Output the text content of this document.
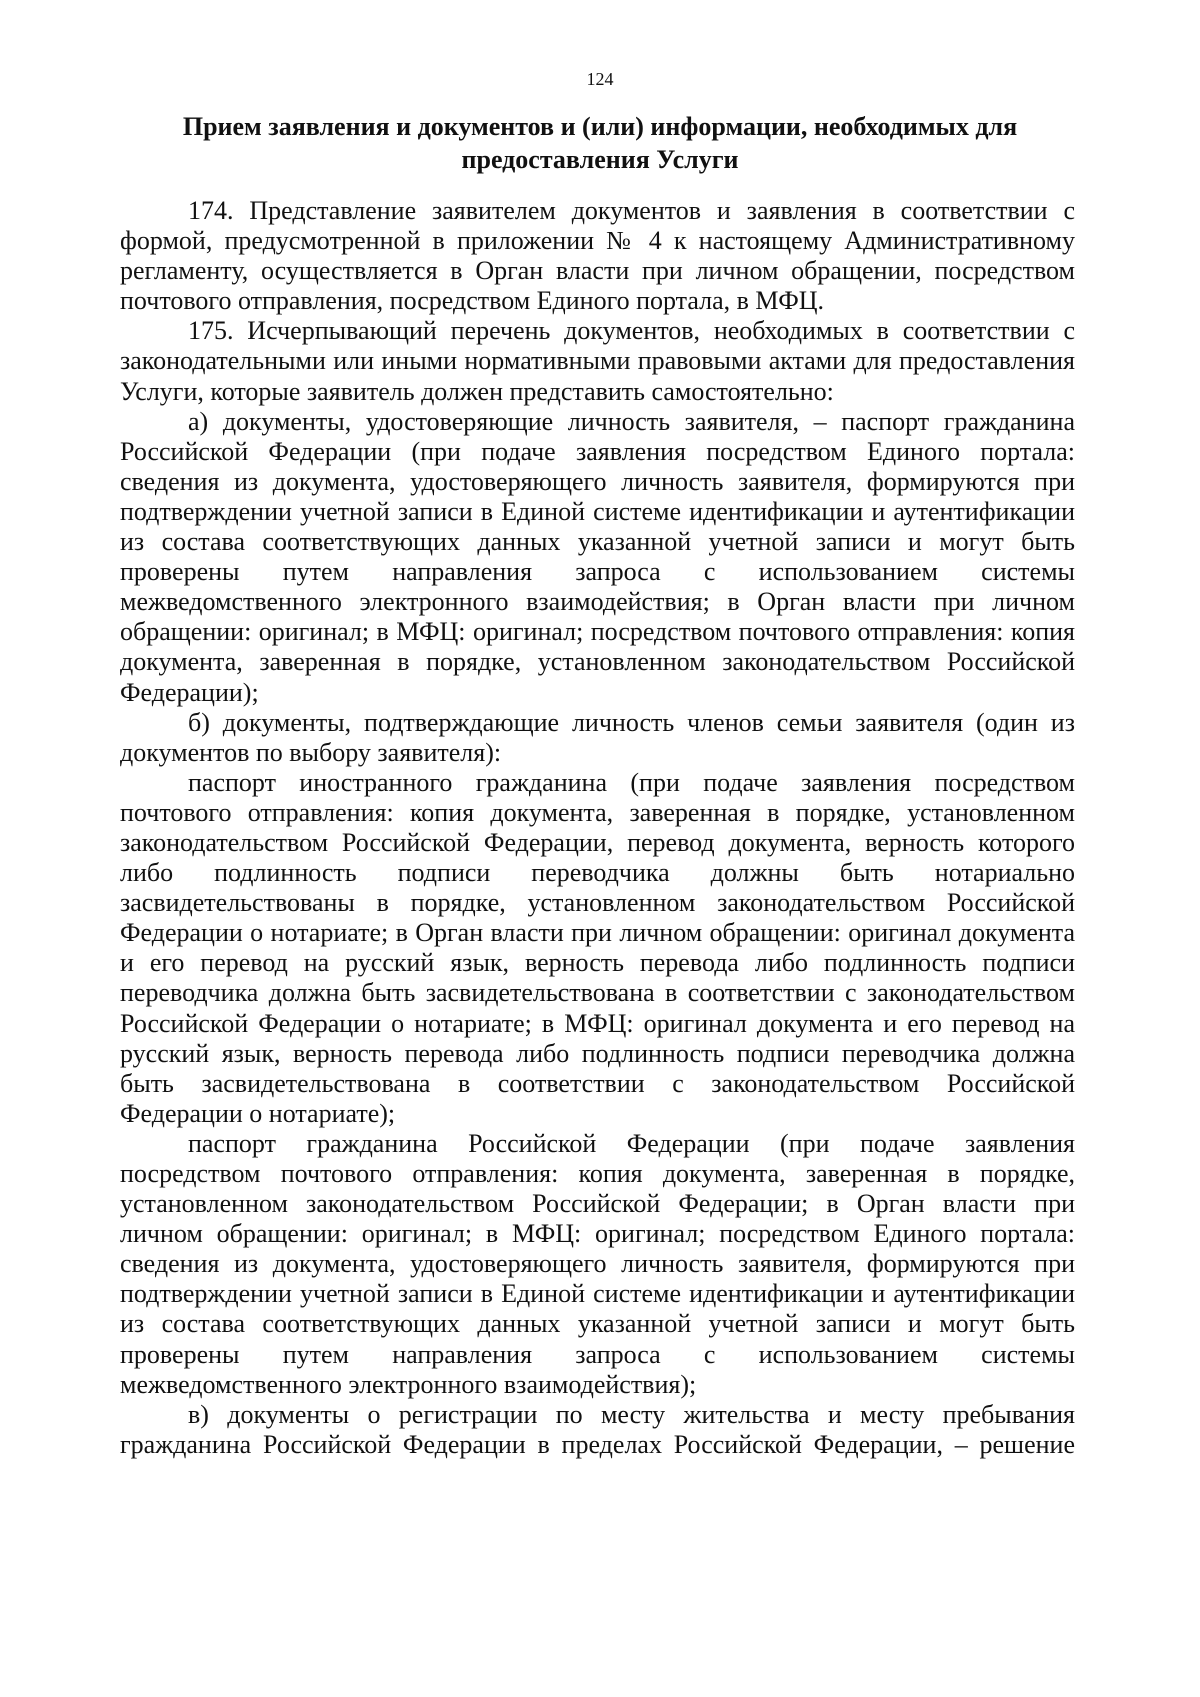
124
Прием заявления и документов и (или) информации, необходимых для
предоставления Услуги

174. Представление заявителем документов и заявления в соответствии с формой, предусмотренной в приложении № 4 к настоящему Административному регламенту, осуществляется в Орган власти при личном обращении, посредством почтового отправления, посредством Единого портала, в МФЦ.

175. Исчерпывающий перечень документов, необходимых в соответствии с законодательными или иными нормативными правовыми актами для предоставления Услуги, которые заявитель должен представить самостоятельно:

а) документы, удостоверяющие личность заявителя, – паспорт гражданина Российской Федерации (при подаче заявления посредством Единого портала: сведения из документа, удостоверяющего личность заявителя, формируются при подтверждении учетной записи в Единой системе идентификации и аутентификации из состава соответствующих данных указанной учетной записи и могут быть проверены путем направления запроса с использованием системы межведомственного электронного взаимодействия; в Орган власти при личном обращении: оригинал; в МФЦ: оригинал; посредством почтового отправления: копия документа, заверенная в порядке, установленном законодательством Российской Федерации);

б) документы, подтверждающие личность членов семьи заявителя (один из документов по выбору заявителя):

паспорт иностранного гражданина (при подаче заявления посредством почтового отправления: копия документа, заверенная в порядке, установленном законодательством Российской Федерации, перевод документа, верность которого либо подлинность подписи переводчика должны быть нотариально засвидетельствованы в порядке, установленном законодательством Российской Федерации о нотариате; в Орган власти при личном обращении: оригинал документа и его перевод на русский язык, верность перевода либо подлинность подписи переводчика должна быть засвидетельствована в соответствии с законодательством Российской Федерации о нотариате; в МФЦ: оригинал документа и его перевод на русский язык, верность перевода либо подлинность подписи переводчика должна быть засвидетельствована в соответствии с законодательством Российской Федерации о нотариате);

паспорт гражданина Российской Федерации (при подаче заявления посредством почтового отправления: копия документа, заверенная в порядке, установленном законодательством Российской Федерации; в Орган власти при личном обращении: оригинал; в МФЦ: оригинал; посредством Единого портала: сведения из документа, удостоверяющего личность заявителя, формируются при подтверждении учетной записи в Единой системе идентификации и аутентификации из состава соответствующих данных указанной учетной записи и могут быть проверены путем направления запроса с использованием системы межведомственного электронного взаимодействия);

в) документы о регистрации по месту жительства и месту пребывания гражданина Российской Федерации в пределах Российской Федерации, – решение
